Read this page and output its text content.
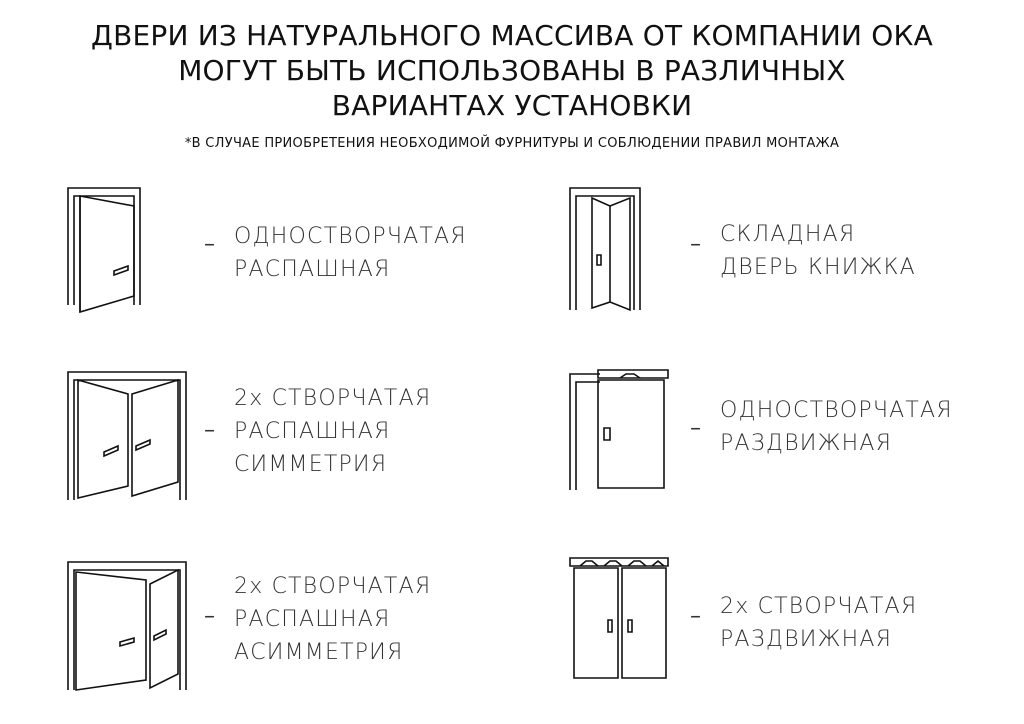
ДВЕРИ ИЗ НАТУРАЛЬНОГО МАССИВА ОТ КОМПАНИИ ОКА
МОГУТ БЫТЬ ИСПОЛЬЗОВАНЫ В РАЗЛИЧНЫХ
ВАРИАНТАХ УСТАНОВКИ
*В СЛУЧАЕ ПРИОБРЕТЕНИЯ НЕОБХОДИМОЙ ФУРНИТУРЫ И СОБЛЮДЕНИИ ПРАВИЛ МОНТАЖА
– ОДНОСТВОРЧАТАЯ
РАСПАШНАЯ
– СКЛАДНАЯ
ДВЕРЬ КНИЖКА
–
2x СТВОРЧАТАЯ
РАСПАШНАЯ
СИММЕТРИЯ
–
ОДНОСТВОРЧАТАЯ
РАЗДВИЖНАЯ
–
2x СТВОРЧАТАЯ
РАСПАШНАЯ
АСИММЕТРИЯ
– 2x СТВОРЧАТАЯ
РАЗДВИЖНАЯ
